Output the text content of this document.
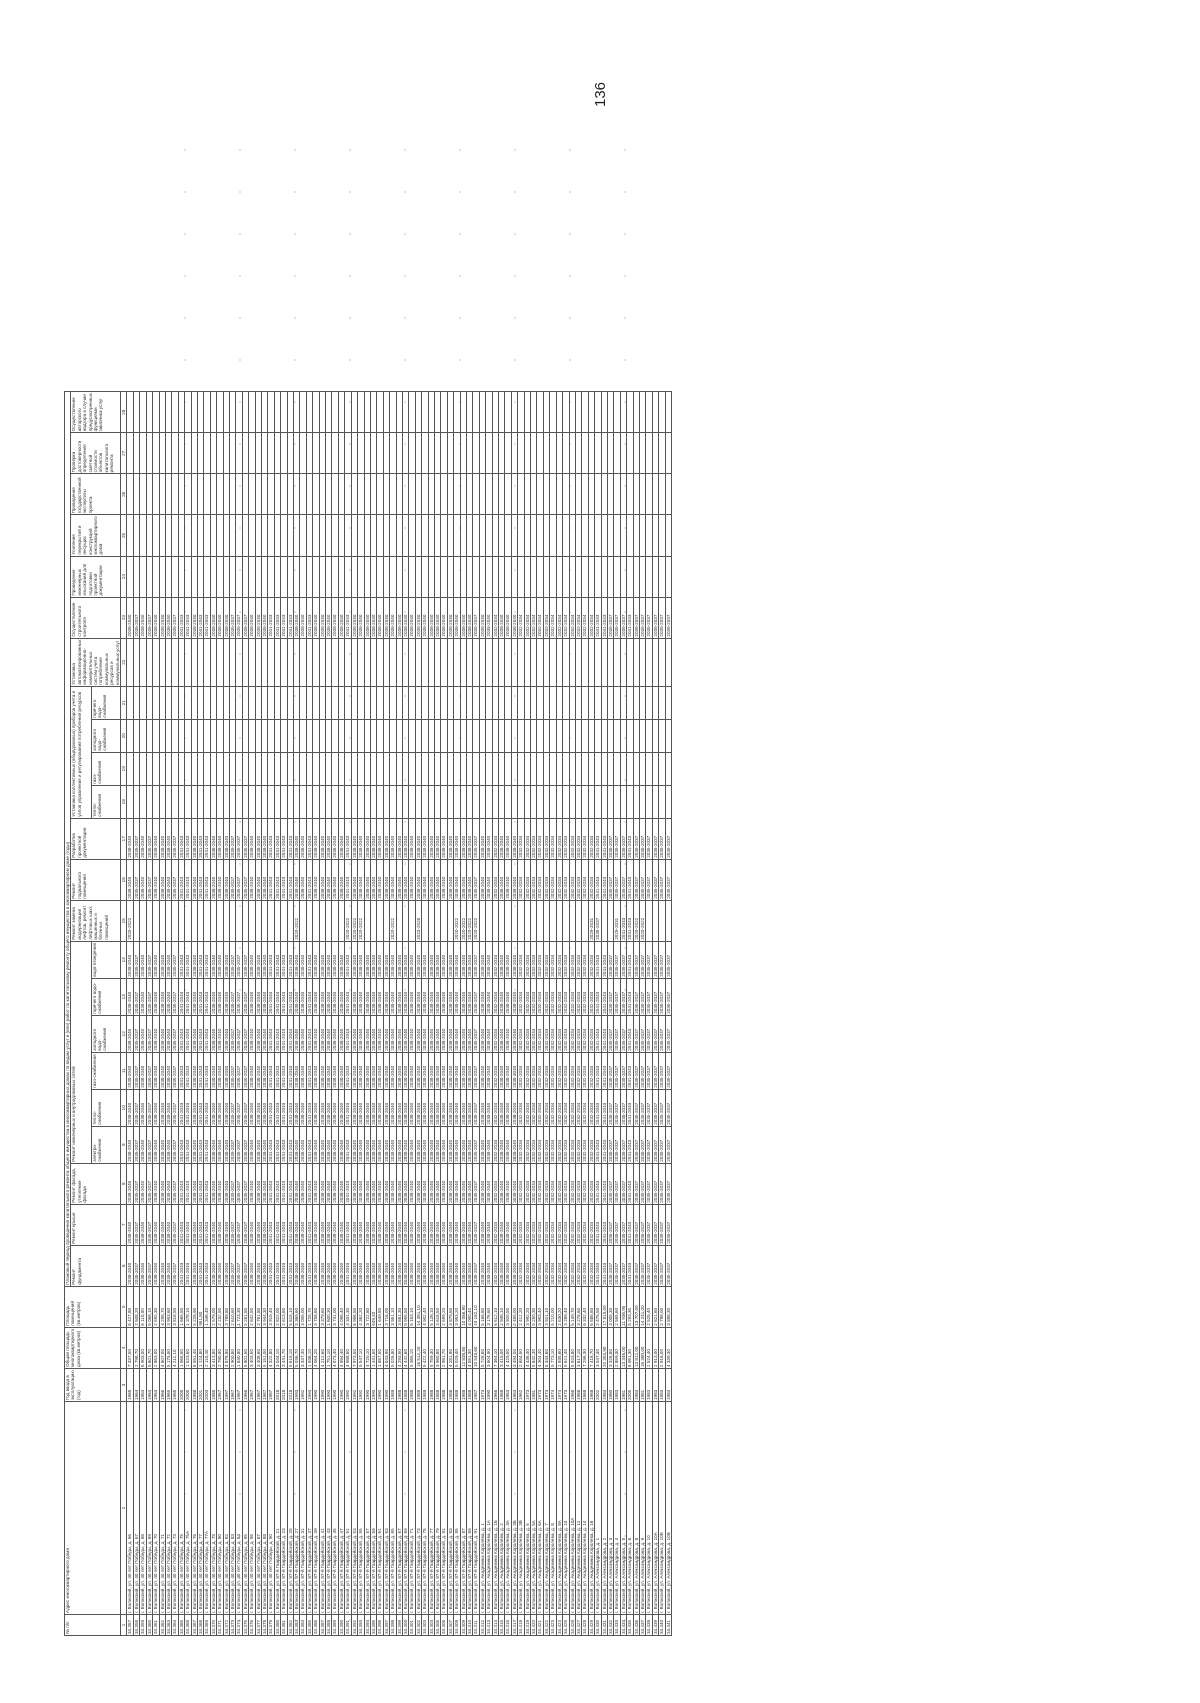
136
№ п/п	Адрес многоквартирного дома	Год ввода в эксплуатацию (год)	Общая площадь многоквартирного дома (кв.метров)	Площадь помещений (кв.метров)	Плановый период проведения капитального ремонта общего имущества в многоквартирных домах по видам услуг и (или) работ по капитальному ремонту общего имущества в многоквартирном доме (годы)																						
					Ремонт фундамента	Ремонт крыши	Ремонт фасада, утепление фасада	Ремонт инженерных и внутридомовых сетей						Ремонт замена модернизация лифтов, ремонт лифтовых шахт, машинных и блочных помещений	Ремонт подвального помещения	Разработка проектной документации	Установка коллективных (общедомовых) приборов учета и узлов управления и регулирования потребления ресурсов				Установка автоматизированных информационно-измерительных систем учета потребления коммунальных ресурсов и коммунальных услуг	Осуществление строительного контроля	Проведение инженерных изысканий для подготовки проектной документации	Усиление перекрытий и несущих конструкций многоквартирного дома	Проведение государственной экспертизы проекта	Проверка достоверности определения сметной стоимости объектов капитального ремонта	Осуществление авторского надзора в случае предусмотренных функциями заказчика услуг
								электро-снабжения	тепло-снабжения	газо-снабжения	холодного водо-снабжения	горячего водо-снабжения	водо-отведения				тепло-снабжения	газо-снабжения	холодного водо-снабжения	горячего водо-снабжения							
1	2	3	4	5	6	7	8	9	10	11	12	13	14	15	16	17	18	19	20	21	22	23	24	25	26	27	28
34.357	г. Волжский, ул. 40 лет Победы, д. 66	1968	7 337,50	6 427,80	2038-2040	2038-2040	2038-2040	2038-2040	2038-2040	2038-2040	2038-2040	2038-2040	2038-2040	2020-2022	2038-2040	2038-2040						2038-2040					
34.358	г. Волжский, ул. 40 лет Победы, д. 67	1964	2 798,70	2 508,20	2035-2037	2035-2037	2035-2037	2035-2037	2035-2037	2035-2037	2035-2037	2035-2037	2035-2037		2035-2037	2035-2037						2035-2037					
34.359	г. Волжский, ул. 40 лет Победы, д. 68	1964	6 903,00	6 110,00	2038-2040	2038-2040	2038-2040	2038-2040	2038-2040	2038-2040	2038-2040	2038-2040	2038-2040		2038-2040	2038-2040						2038-2040					
34.360	г. Волжский, ул. 40 лет Победы, д. 69	1964	5 601,70	5 068,10	2035-2037	2035-2037	2035-2037	2035-2037	2035-2037	2035-2037	2035-2037	2035-2037	2035-2037		2035-2037	2035-2037						2035-2037					
34.361	г. Волжский, ул. 40 лет Победы, д. 70	1964	2 863,00	2 592,30	2038-2040	2038-2040	2038-2040	2038-2040	2038-2040	2038-2040	2038-2040	2038-2040	2038-2040		2038-2040	2038-2040						2038-2040					
34.362	г. Волжский, ул. 40 лет Победы, д. 71	1966	4 807,00	4 295,70	2038-2040	2038-2040	2038-2040	2038-2040	2038-2040	2038-2040	2038-2040	2038-2040	2038-2040		2038-2040	2038-2040						2038-2040					
34.363	г. Волжский, ул. 40 лет Победы, д. 72	1965	5 175,50	3 953,60	2038-2040	2038-2040	2038-2040	2038-2040	2038-2040	2038-2040	2038-2040	2038-2040	2038-2040		2038-2040	2038-2040						2038-2040					
34.364	г. Волжский, ул. 40 лет Победы, д. 73	1965	4 211,10	3 818,50	2035-2037	2035-2037	2035-2037	2035-2037	2035-2037	2035-2037	2035-2037	2035-2037	2035-2037		2035-2037	2035-2037						2035-2037					
34.365	г. Волжский, ул. 40 лет Победы, д. 75	2005	1 965,50	1 665,50	2041-2043	2041-2043	2041-2043	2041-2043	2041-2043	2041-2043	2041-2043	2041-2043	2041-2043		2041-2043	2041-2043						2041-2043					
34.366	г. Волжский, ул. 40 лет Победы, д. 75А	2005	1 523,60	1 378,10	2041-2043	2041-2043	2041-2043	2041-2043	2041-2043	2041-2043	2041-2043	2041-2043	2041-2043		2041-2043	2041-2043						2041-2043					
34.367	г. Волжский, ул. 40 лет Победы, д. 76	1988	6 551,40	5 228,90	2038-2040	2038-2040	2038-2040	2038-2040	2038-2040	2038-2040	2038-2040	2038-2040	2038-2040		2038-2040	2038-2040						2038-2040					
34.368	г. Волжский, ул. 40 лет Победы, д. 77	2001	1 124,80	951,80	2041-2043	2041-2043	2041-2043	2041-2043	2041-2043	2041-2043	2041-2043	2041-2043	2041-2043		2041-2043	2041-2043						2041-2043					
34.369	г. Волжский, ул. 40 лет Победы, д. 77А	2004	2 110,40	1 346,40	2041-2043	2041-2043	2041-2043	2041-2043	2041-2043	2041-2043	2041-2043	2041-2043	2041-2043		2041-2043	2041-2043						2041-2043					
34.370	г. Волжский, ул. 40 лет Победы, д. 78	1985	3 413,80	2 579,00	2038-2040	2038-2040	2038-2040	2038-2040	2038-2040	2038-2040	2038-2040	2038-2040	2038-2040		2038-2040	2038-2040						2038-2040					
34.371	г. Волжский, ул. 40 лет Победы, д. 80	1967	2 780,80	2 232,50	2038-2040	2038-2040	2038-2040	2038-2040	2038-2040	2038-2040	2038-2040	2038-2040	2038-2040		2038-2040	2038-2040						2038-2040					
34.372	г. Волжский, ул. 40 лет Победы, д. 82	1997	4 878,80	3 789,80	2038-2040	2038-2040	2038-2040	2038-2040	2038-2040	2038-2040	2038-2040	2038-2040	2038-2040		2038-2040	2038-2040						2038-2040					
34.373	г. Волжский, ул. 40 лет Победы, д. 83	1967	2 900,80	2 610,60	2035-2037	2035-2037	2035-2037	2035-2037	2035-2037	2035-2037	2035-2037	2035-2037	2035-2037		2035-2037	2035-2037						2035-2037					
34.374	г. Волжский, ул. 40 лет Победы, д. 84	1967	1 830,80	1 723,30	2035-2037	2035-2037	2035-2037	2035-2037	2035-2037	2035-2037	2035-2037	2035-2037	2035-2037		2035-2037	2035-2037						2035-2037					
34.375	г. Волжский, ул. 40 лет Победы, д. 85	1966	5 801,50	5 261,50	2035-2037	2035-2037	2035-2037	2035-2037	2035-2037	2035-2037	2035-2037	2035-2037	2035-2037		2035-2037	2035-2037						2035-2037					
34.376	г. Волжский, ул. 40 лет Победы, д. 86	1967	3 403,50	2 842,50	2038-2040	2038-2040	2038-2040	2038-2040	2038-2040	2038-2040	2038-2040	2038-2040	2038-2040		2038-2040	2038-2040						2038-2040					
34.377	г. Волжский, ул. 40 лет Победы, д. 87	1967	3 408,60	2 761,80	2038-2040	2038-2040	2038-2040	2038-2040	2038-2040	2038-2040	2038-2040	2038-2040	2038-2040		2038-2040	2038-2040						2038-2040					
34.378	г. Волжский, ул. 40 лет Победы, д. 88	1987	5 151,00	3 944,30	2038-2040	2038-2040	2038-2040	2038-2040	2038-2040	2038-2040	2038-2040	2038-2040	2038-2040		2038-2040	2038-2040						2038-2040					
34.379	г. Волжский, ул. 40 лет Победы, д. 90	1987	4 322,80	3 915,40	2041-2043	2041-2043	2041-2043	2041-2043	2041-2043	2041-2043	2041-2043	2041-2043	2041-2043		2041-2043	2041-2043						2041-2043					
34.380	г. Волжский, ул. 87-й Гвардейской, д. 21	2018	3 044,10	2 822,00	2041-2043	2041-2043	2041-2043	2041-2043	2041-2043	2041-2043	2041-2043	2041-2043	2041-2043		2041-2043	2041-2043						2041-2043					
34.381	г. Волжский, ул. 87-й Гвардейской, д. 23	2018	3 441,70	2 613,60	2041-2043	2041-2043	2041-2043	2041-2043	2041-2043	2041-2043	2041-2043	2041-2043	2041-2043		2041-2043	2041-2043						2041-2043					
34.382	г. Волжский, ул. 87-й Гвардейской, д. 25	2018	5 615,10	5 615,10	2041-2043	2041-2043	2041-2043	2041-2043	2041-2043	2041-2043	2041-2043	2041-2043	2041-2043		2041-2043	2041-2043						2041-2043					
34.383	г. Волжский, ул. 87-й Гвардейской, д. 27	1993	5 036,70	4 369,60	2038-2040	2038-2040	2038-2040	2038-2040	2038-2040	2038-2040	2038-2040	2038-2040	2038-2040	2020-2022	2038-2040	2038-2040						2038-2040					
34.384	г. Волжский, ул. 87-й Гвардейской, д. 31	1992	3 337,40	3 005,00	2038-2040	2038-2040	2038-2040	2038-2040	2038-2040	2038-2040	2038-2040	2038-2040	2038-2040		2038-2040	2038-2040						2038-2040					
34.385	г. Волжский, ул. 87-й Гвардейской, д. 37	1994	1 936,10	1 725,70	2041-2043	2041-2043	2041-2043	2041-2043	2041-2043	2041-2043	2041-2043	2041-2043	2041-2043		2041-2043	2041-2043						2041-2043					
34.386	г. Волжский, ул. 87-й Гвардейской, д. 39	1990	4 064,20	3 758,60	2038-2040	2038-2040	2038-2040	2038-2040	2038-2040	2038-2040	2038-2040	2038-2040	2038-2040		2038-2040	2038-2040						2038-2040					
34.387	г. Волжский, ул. 87-й Гвардейской, д. 41	1990	4 212,60	3 379,60	2038-2040	2038-2040	2038-2040	2038-2040	2038-2040	2038-2040	2038-2040	2038-2040	2038-2040		2038-2040	2038-2040						2038-2040					
34.388	г. Волжский, ул. 87-й Гвардейской, д. 43	1990	1 751,10	1 600,30	2038-2040	2038-2040	2038-2040	2038-2040	2038-2040	2038-2040	2038-2040	2038-2040	2038-2040		2038-2040	2038-2040						2038-2040					
34.389	г. Волжский, ул. 87-й Гвардейской, д. 45	1990	4 073,40	3 741,00	2038-2040	2038-2040	2038-2040	2038-2040	2038-2040	2038-2040	2038-2040	2038-2040	2038-2040		2038-2040	2038-2040						2038-2040					
34.390	г. Волжский, ул. 87-й Гвардейской, д. 47	1990	4 994,40	4 095,40	2038-2040	2038-2040	2038-2040	2038-2040	2038-2040	2038-2040	2038-2040	2038-2040	2038-2040		2038-2040	2038-2040						2038-2040					
34.391	г. Волжский, ул. 87-й Гвардейской, д. 51	1992	4 988,60	4 331,30	2041-2043	2041-2043	2041-2043	2041-2043	2041-2043	2041-2043	2041-2043	2041-2043	2041-2043	2020-2022	2041-2043	2041-2043						2041-2043					
34.392	г. Волжский, ул. 87-й Гвардейской, д. 53	1992	7 973,50	6 956,50	2038-2040	2038-2040	2038-2040	2038-2040	2038-2040	2038-2040	2038-2040	2038-2040	2038-2040	2020-2022	2038-2040	2038-2040						2038-2040					
34.393	г. Волжский, ул. 87-й Гвардейской, д. 55	1992	5 547,10	4 362,20	2038-2040	2038-2040	2038-2040	2038-2040	2038-2040	2038-2040	2038-2040	2038-2040	2038-2040	2020-2022	2038-2040	2038-2040						2038-2040					
34.394	г. Волжский, ул. 87-й Гвардейской, д. 57	1990	4 720,10	3 722,80	2038-2040	2038-2040	2038-2040	2038-2040	2038-2040	2038-2040	2038-2040	2038-2040	2038-2040		2038-2040	2038-2040						2038-2040					
34.395	г. Волжский, ул. 87-й Гвардейской, д. 59	1990	1 441,50	649,40	2038-2040	2038-2040	2038-2040	2038-2040	2038-2040	2038-2040	2038-2040	2038-2040	2038-2040		2038-2040	2038-2040						2038-2040					
34.396	г. Волжский, ул. 87-й Гвардейской, д. 61	1990	1 887,50	1 649,80	2038-2040	2038-2040	2038-2040	2038-2040	2038-2040	2038-2040	2038-2040	2038-2040	2038-2040		2038-2040	2038-2040						2038-2040					
34.397	г. Волжский, ул. 87-й Гвардейской, д. 63	1990	4 043,90	3 716,00	2038-2040	2038-2040	2038-2040	2038-2040	2038-2040	2038-2040	2038-2040	2038-2040	2038-2040		2038-2040	2038-2040						2038-2040					
34.398	г. Волжский, ул. 87-й Гвардейской, д. 65	1989	5 026,80	3 951,10	2038-2040	2038-2040	2038-2040	2038-2040	2038-2040	2038-2040	2038-2040	2038-2040	2038-2040	2020-2022	2038-2040	2038-2040						2038-2040					
34.399	г. Волжский, ул. 87-й Гвардейской, д. 67	1988	4 293,50	3 881,30	2038-2040	2038-2040	2038-2040	2038-2040	2038-2040	2038-2040	2038-2040	2038-2040	2038-2040		2038-2040	2038-2040						2038-2040					
34.400	г. Волжский, ул. 87-й Гвардейской, д. 69	1988	4 442,60	3 955,50	2038-2040	2038-2040	2038-2040	2038-2040	2038-2040	2038-2040	2038-2040	2038-2040	2038-2040		2038-2040	2038-2040						2038-2040					
34.401	г. Волжский, ул. 87-й Гвардейской, д. 71	1988	5 365,10	5 163,10	2038-2040	2038-2040	2038-2040	2038-2040	2038-2040	2038-2040	2038-2040	2038-2040	2038-2040		2038-2040	2038-2040						2038-2040					
34.402	г. Волжский, ул. 87-й Гвардейской, д. 73	1989	16 512,20	14 381,10	2038-2040	2038-2040	2038-2040	2038-2040	2038-2040	2038-2040	2038-2040	2038-2040	2038-2040	2023-2025	2038-2040	2038-2040						2038-2040					
34.403	г. Волжский, ул. 87-й Гвардейской, д. 75	1989	5 422,40	4 902,40	2038-2040	2038-2040	2038-2040	2038-2040	2038-2040	2038-2040	2038-2040	2038-2040	2038-2040		2038-2040	2038-2040						2038-2040					
34.404	г. Волжский, ул. 87-й Гвардейской, д. 77	1988	5 759,30	5 126,10	2038-2040	2038-2040	2038-2040	2038-2040	2038-2040	2038-2040	2038-2040	2038-2040	2038-2040		2038-2040	2038-2040						2038-2040					
34.405	г. Волжский, ул. 87-й Гвардейской, д. 79	1988	3 960,80	3 618,50	2038-2040	2038-2040	2038-2040	2038-2040	2038-2040	2038-2040	2038-2040	2038-2040	2038-2040		2038-2040	2038-2040						2038-2040					
34.406	г. Волжский, ул. 87-й Гвардейской, д. 81	1988	2 981,70	2 599,20	2038-2040	2038-2040	2038-2040	2038-2040	2038-2040	2038-2040	2038-2040	2038-2040	2038-2040		2038-2040	2038-2040						2038-2040					
34.407	г. Волжский, ул. 87-й Гвардейской, д. 83	1988	4 281,90	3 879,60	2038-2040	2038-2040	2038-2040	2038-2040	2038-2040	2038-2040	2038-2040	2038-2040	2038-2040		2038-2040	2038-2040						2038-2040					
34.408	г. Волжский, ул. 87-й Гвардейской, д. 85	1988	5 029,40	3 953,20	2038-2040	2038-2040	2038-2040	2038-2040	2038-2040	2038-2040	2038-2040	2038-2040	2038-2040	2020-2022	2038-2040	2038-2040						2038-2040					
34.409	г. Волжский, ул. 87-й Гвардейской, д. 87	1988	12 838,80	10 086,90	2038-2040	2038-2040	2038-2040	2038-2040	2038-2040	2038-2040	2038-2040	2038-2040	2038-2040	2020-2022	2038-2040	2038-2040						2038-2040					
34.410	г. Волжский, ул. 87-й Гвардейской, д. 89	1988	4 551,30	4 000,40	2038-2040	2038-2040	2038-2040	2038-2040	2038-2040	2038-2040	2038-2040	2038-2040	2038-2040	2020-2022	2038-2040	2038-2040						2038-2040					
34.411	г. Волжский, ул. 87-й Гвардейской, д. 91	1987	10 543,60	10 182,10	2035-2037	2035-2037	2035-2037	2035-2037	2035-2037	2035-2037	2035-2037	2035-2037	2035-2037	2020-2022	2035-2037	2035-2037						2035-2037					
34.412	г. Волжский, ул. Академика Королева, д. 1	1974	5 726,60	5 166,80	2038-2040	2038-2040	2038-2040	2038-2040	2038-2040	2038-2040	2038-2040	2038-2040	2038-2040		2038-2040	2038-2040						2038-2040					
34.413	г. Волжский, ул. Академика Королева, д. 1А	1990	3 604,90	3 176,60	2038-2040	2038-2040	2038-2040	2038-2040	2038-2040	2038-2040	2038-2040	2038-2040	2038-2040		2038-2040	2038-2040						2038-2040					
34.414	г. Волжский, ул. Академика Королева, д. 1Б	1966	7 364,10	6 612,10	2032-2034	2032-2034	2032-2034	2032-2034	2032-2034	2032-2034	2032-2034	2032-2034	2032-2034		2032-2034	2032-2034						2032-2034					
34.415	г. Волжский, ул. Академика Королева, д. 2	1968	3 415,00	2 946,10	2038-2040	2038-2040	2038-2040	2038-2040	2038-2040	2038-2040	2038-2040	2038-2040	2038-2040		2038-2040	2038-2040						2038-2040					
34.416	г. Волжский, ул. Академика Королева, д. 3А	1963	4 429,50	3 920,50	2038-2040	2038-2040	2038-2040	2038-2040	2038-2040	2038-2040	2038-2040	2038-2040	2038-2040		2038-2040	2038-2040						2038-2040					
34.417	г. Волжский, ул. Академика Королева, д. 3Б	1963	3 494,00	2 455,00	2038-2040	2038-2040	2038-2040	2038-2040	2038-2040	2038-2040	2038-2040	2038-2040	2038-2040		2038-2040	2038-2040						2038-2040					
34.418	г. Волжский, ул. Академика Королева, д. 3В	1962	2 684,50	2 412,20	2032-2034	2032-2034	2032-2034	2032-2034	2032-2034	2032-2034	2032-2034	2032-2034	2032-2034		2032-2034	2032-2034						2032-2034					
34.419	г. Волжский, ул. Академика Королева, д. 5	1973	4 436,40	3 992,20	2032-2034	2032-2034	2032-2034	2032-2034	2032-2034	2032-2034	2032-2034	2032-2034	2032-2034		2032-2034	2032-2034						2032-2034					
34.420	г. Волжский, ул. Академика Королева, д. 5А	1981	5 842,30	5 250,30	2032-2034	2032-2034	2032-2034	2032-2034	2032-2034	2032-2034	2032-2034	2032-2034	2032-2034		2032-2034	2032-2034						2032-2034					
34.421	г. Волжский, ул. Академика Королева, д. 6А	1973	4 304,40	3 903,40	2032-2034	2032-2034	2032-2034	2032-2034	2032-2034	2032-2034	2032-2034	2032-2034	2032-2034		2032-2034	2032-2034						2032-2034					
34.422	г. Волжский, ул. Академика Королева, д. 7	1974	5 344,60	3 921,10	2032-2034	2032-2034	2032-2034	2032-2034	2032-2034	2032-2034	2032-2034	2032-2034	2032-2034		2032-2034	2032-2034						2032-2034					
34.423	г. Волжский, ул. Академика Королева, д. 8	1974	5 773,10	5 210,00	2032-2034	2032-2034	2032-2034	2032-2034	2032-2034	2032-2034	2032-2034	2032-2034	2032-2034		2032-2034	2032-2034						2032-2034					
34.424	г. Волжский, ул. Академика Королева, д. 8А	1974	2 935,60	2 630,20	2032-2034	2032-2034	2032-2034	2032-2034	2032-2034	2032-2034	2032-2034	2032-2034	2032-2034		2032-2034	2032-2034						2032-2034					
34.425	г. Волжский, ул. Академика Королева, д. 10	1973	5 621,40	3 289,40	2032-2034	2032-2034	2032-2034	2032-2034	2032-2034	2032-2034	2032-2034	2032-2034	2032-2034		2032-2034	2032-2034						2032-2034					
34.426	г. Волжский, ул. Академика Королева, д. 10А	1968	5 923,80	5 149,70	2032-2034	2032-2034	2032-2034	2032-2034	2032-2034	2032-2034	2032-2034	2032-2034	2032-2034		2032-2034	2032-2034						2032-2034					
34.427	г. Волжский, ул. Академика Королева, д. 12	1968	3 617,10	3 278,60	2032-2034	2032-2034	2032-2034	2032-2034	2032-2034	2032-2034	2032-2034	2032-2034	2032-2034		2032-2034	2032-2034						2032-2034					
34.428	г. Волжский, ул. Академика Королева, д. 14	1968	7 296,30	6 332,40	2032-2034	2032-2034	2032-2034	2032-2034	2032-2034	2032-2034	2032-2034	2032-2034	2032-2034		2032-2034	2032-2034						2032-2034					
34.429	г. Волжский, ул. Академика Королева, д. 16	1968	7 418,70	6 585,50	2032-2034	2032-2034	2032-2034	2032-2034	2032-2034	2032-2034	2032-2034	2032-2034	2032-2034	2029-2031	2032-2034	2032-2034						2032-2034					
34.430	г. Волжский, ул. Александрова, д. 1	2002	3 047,30	2 475,50	2041-2043	2041-2043	2041-2043	2041-2043	2041-2043	2041-2043	2041-2043	2041-2043	2041-2043	2035-2037	2041-2043	2041-2043						2041-2043					
34.431	г. Волжский, ул. Александрова, д. 2	1984	20 353,90	17 815,00	2041-2043	2041-2043	2041-2043	2041-2043	2041-2043	2041-2043	2041-2043	2041-2043	2041-2043		2041-2043	2041-2043						2041-2043					
34.432	г. Волжский, ул. Александрова, д. 3	1980	3 326,60	3 005,30	2035-2037	2035-2037	2035-2037	2035-2037	2035-2037	2035-2037	2035-2037	2035-2037	2035-2037		2035-2037	2035-2037						2035-2037					
34.433	г. Волжский, ул. Александрова, д. 4	1983	2 859,30	2 555,60	2035-2037	2035-2037	2035-2037	2035-2037	2035-2037	2035-2037	2035-2037	2035-2037	2035-2037	2029-2031	2035-2037	2035-2037						2035-2037					
34.434	г. Волжский, ул. Александрова, д. 5	1981	13 346,00	11 936,90	2035-2037	2035-2037	2035-2037	2035-2037	2035-2037	2035-2037	2035-2037	2035-2037	2035-2037	2041-2043	2035-2037	2035-2037						2035-2037					
34.435	г. Волжский, ул. Александрова, д. 6	2005	6 061,30	5 293,30	2041-2043	2041-2043	2041-2043	2041-2043	2041-2043	2041-2043	2041-2043	2041-2043	2041-2043	2041-2043	2041-2043	2041-2043						2041-2043					
34.436	г. Волжский, ул. Александрова, д. 8	1984	13 812,00	13 707,00	2035-2037	2035-2037	2035-2037	2035-2037	2035-2037	2035-2037	2035-2037	2035-2037	2035-2037	2020-2022	2035-2037	2035-2037						2035-2037					
34.437	г. Волжский, ул. Александрова, д. 9	1981	16 380,00	14 241,00	2035-2037	2035-2037	2035-2037	2035-2037	2035-2037	2035-2037	2035-2037	2035-2037	2035-2037	2020-2022	2035-2037	2035-2037						2035-2037					
34.438	г. Волжский, ул. Александрова, д. 10	1983	2 524,40	2 525,40	2035-2037	2035-2037	2035-2037	2035-2037	2035-2037	2035-2037	2035-2037	2035-2037	2035-2037		2035-2037	2035-2037						2035-2037					
34.439	г. Волжский, ул. Александрова, д. 10А	1983	2 913,00	2 621,60	2035-2037	2035-2037	2035-2037	2035-2037	2035-2037	2035-2037	2035-2037	2035-2037	2035-2037		2035-2037	2035-2037						2035-2037					
34.440	г. Волжский, ул. Александрова, д. 10Б	1983	2 916,00	2 798,00	2035-2037	2035-2037	2035-2037	2035-2037	2035-2037	2035-2037	2035-2037	2035-2037	2035-2037		2035-2037	2035-2037						2035-2037					
34.441	г. Волжский, ул. Александрова, д. 10В	1984	4 339,30	3 898,30	2035-2037	2035-2037	2035-2037	2035-2037	2035-2037	2035-2037	2035-2037	2035-2037	2035-2037		2035-2037	2035-2037						2035-2037					
